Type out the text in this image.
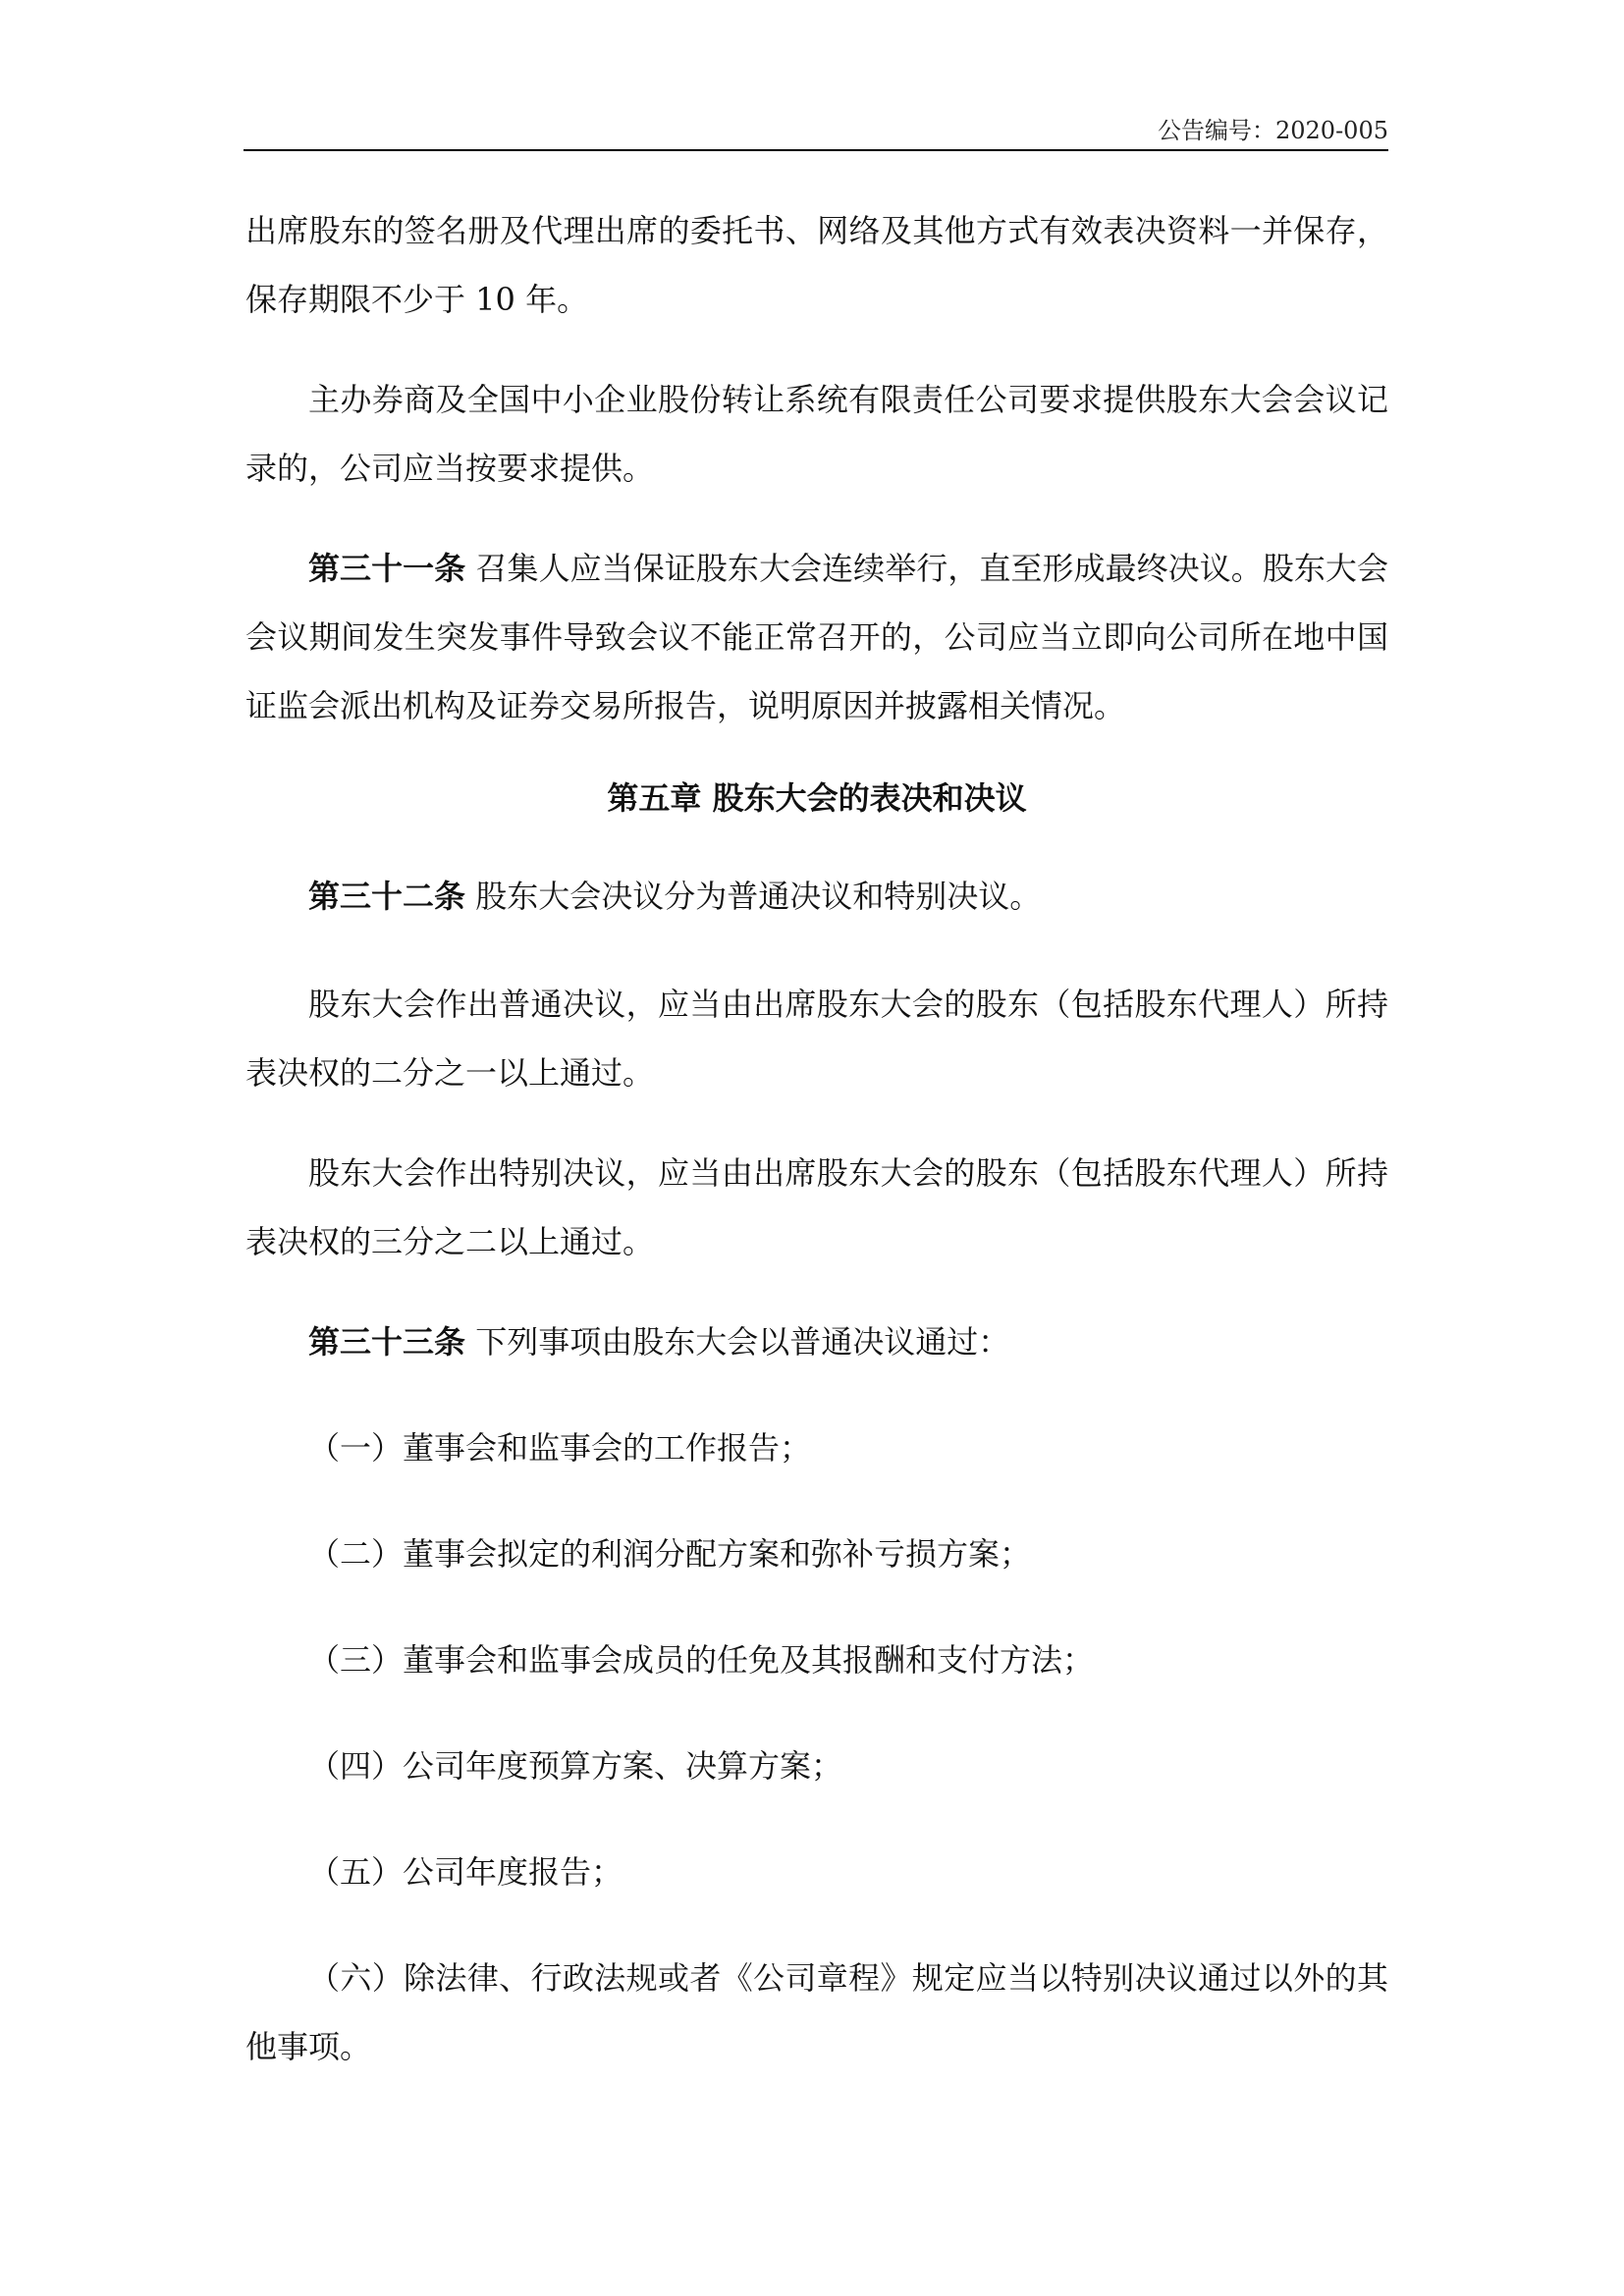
公告编号：2020-005

出席股东的签名册及代理出席的委托书、网络及其他方式有效表决资料一并保存，保存期限不少于 10 年。

主办券商及全国中小企业股份转让系统有限责任公司要求提供股东大会会议记录的，公司应当按要求提供。

第三十一条 召集人应当保证股东大会连续举行，直至形成最终决议。股东大会会议期间发生突发事件导致会议不能正常召开的，公司应当立即向公司所在地中国证监会派出机构及证券交易所报告，说明原因并披露相关情况。

第五章 股东大会的表决和决议

第三十二条 股东大会决议分为普通决议和特别决议。

股东大会作出普通决议，应当由出席股东大会的股东（包括股东代理人）所持表决权的二分之一以上通过。

股东大会作出特别决议，应当由出席股东大会的股东（包括股东代理人）所持表决权的三分之二以上通过。

第三十三条 下列事项由股东大会以普通决议通过：

（一）董事会和监事会的工作报告；

（二）董事会拟定的利润分配方案和弥补亏损方案；

（三）董事会和监事会成员的任免及其报酬和支付方法；

（四）公司年度预算方案、决算方案；

（五）公司年度报告；

（六）除法律、行政法规或者《公司章程》规定应当以特别决议通过以外的其他事项。
